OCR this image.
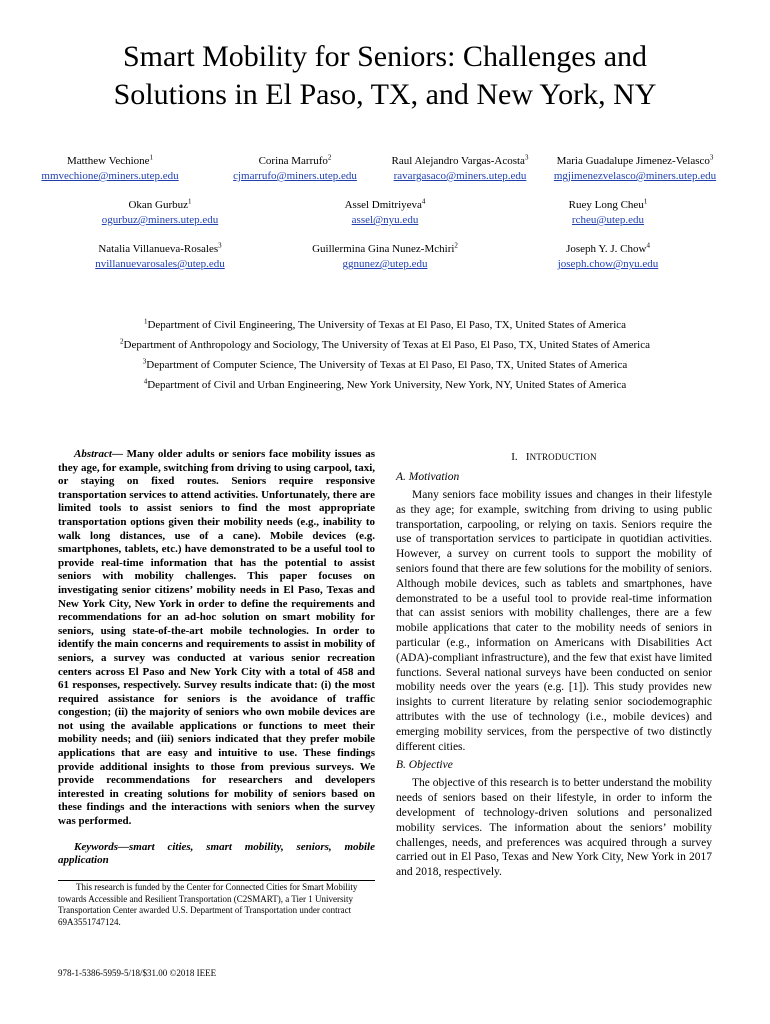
Smart Mobility for Seniors: Challenges and
Solutions in El Paso, TX, and New York, NY
Matthew Vechione$^1$
mmvechione@miners.utep.edu
Corina Marrufo$^2$
cjmarrufo@miners.utep.edu
Raul Alejandro Vargas-Acosta$^3$
ravargasaco@miners.utep.edu
Maria Guadalupe Jimenez-Velasco$^3$
mgjimenezvelasco@miners.utep.edu
Okan Gurbuz$^1$
ogurbuz@miners.utep.edu
Assel Dmitriyeva$^4$
assel@nyu.edu
Ruey Long Cheu$^1$
rcheu@utep.edu
Natalia Villanueva-Rosales$^3$
nvillanuevarosales@utep.edu
Guillermina Gina Nunez-Mchiri$^2$
ggnunez@utep.edu
Joseph Y. J. Chow$^4$
joseph.chow@nyu.edu
$^1$Department of Civil Engineering, The University of Texas at El Paso, El Paso, TX, United States of America
$^2$Department of Anthropology and Sociology, The University of Texas at El Paso, El Paso, TX, United States of America
$^3$Department of Computer Science, The University of Texas at El Paso, El Paso, TX, United States of America
$^4$Department of Civil and Urban Engineering, New York University, New York, NY, United States of America

Abstract— Many older adults or seniors face mobility issues as they age, for example, switching from driving to using carpool, taxi, or staying on fixed routes. Seniors require responsive transportation services to attend activities. Unfortunately, there are limited tools to assist seniors to find the most appropriate transportation options given their mobility needs (e.g., inability to walk long distances, use of a cane). Mobile devices (e.g. smartphones, tablets, etc.) have demonstrated to be a useful tool to provide real-time information that has the potential to assist seniors with mobility challenges. This paper focuses on investigating senior citizens’ mobility needs in El Paso, Texas and New York City, New York in order to define the requirements and recommendations for an ad-hoc solution on smart mobility for seniors, using state-of-the-art mobile technologies. In order to identify the main concerns and requirements to assist in mobility of seniors, a survey was conducted at various senior recreation centers across El Paso and New York City with a total of 458 and 61 responses, respectively. Survey results indicate that: (i) the most required assistance for seniors is the avoidance of traffic congestion; (ii) the majority of seniors who own mobile devices are not using the available applications or functions to meet their mobility needs; and (iii) seniors indicated that they prefer mobile applications that are easy and intuitive to use. These findings provide additional insights to those from previous surveys. We provide recommendations for researchers and developers interested in creating solutions for mobility of seniors based on these findings and the interactions with seniors when the survey was performed.

Keywords—smart cities, smart mobility, seniors, mobile application

This research is funded by the Center for Connected Cities for Smart Mobility towards Accessible and Resilient Transportation (C2SMART), a Tier 1 University Transportation Center awarded U.S. Department of Transportation under contract 69A3551747124.

978-1-5386-5959-5/18/$31.00 ©2018 IEEE

I. INTRODUCTION

A. Motivation

Many seniors face mobility issues and changes in their lifestyle as they age; for example, switching from driving to using public transportation, carpooling, or relying on taxis. Seniors require the use of transportation services to participate in quotidian activities. However, a survey on current tools to support the mobility of seniors found that there are few solutions for the mobility of seniors. Although mobile devices, such as tablets and smartphones, have demonstrated to be a useful tool to provide real-time information that can assist seniors with mobility challenges, there are a few mobile applications that cater to the mobility needs of seniors in particular (e.g., information on Americans with Disabilities Act (ADA)-compliant infrastructure), and the few that exist have limited functions. Several national surveys have been conducted on senior mobility needs over the years (e.g. [1]). This study provides new insights to current literature by relating senior sociodemographic attributes with the use of technology (i.e., mobile devices) and emerging mobility services, from the perspective of two distinctly different cities.

B. Objective

The objective of this research is to better understand the mobility needs of seniors based on their lifestyle, in order to inform the development of technology-driven solutions and personalized mobility services. The information about the seniors’ mobility challenges, needs, and preferences was acquired through a survey carried out in El Paso, Texas and New York City, New York in 2017 and 2018, respectively.
